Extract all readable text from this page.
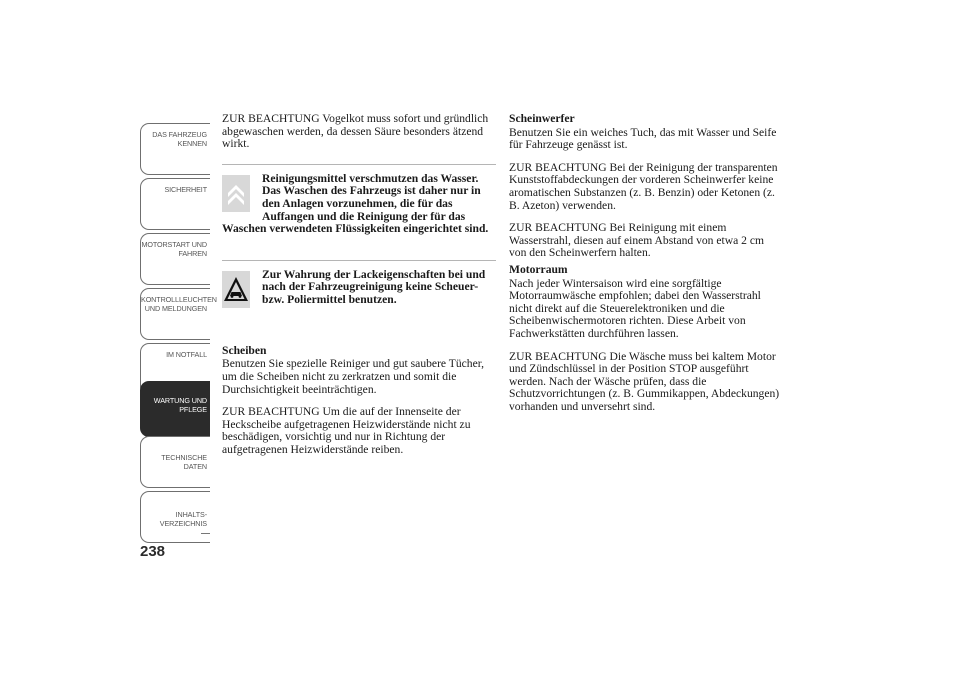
DAS FAHRZEUG
KENNEN
SICHERHEIT
MOTORSTART UND
FAHREN
KONTROLLLEUCHTEN
UND MELDUNGEN
IM NOTFALL
WARTUNG UND
PFLEGE
TECHNISCHE
DATEN
INHALTS-
VERZEICHNIS
238

ZUR BEACHTUNG Vogelkot muss sofort und gründlich abgewaschen werden, da dessen Säure besonders ätzend wirkt.

Reinigungsmittel verschmutzen das Wasser. Das Waschen des Fahrzeugs ist daher nur in den Anlagen vorzunehmen, die für das Auffangen und die Reinigung der für das Waschen verwendeten Flüssigkeiten eingerichtet sind.

Zur Wahrung der Lackeigenschaften bei und nach der Fahrzeugreinigung keine Scheuer- bzw. Poliermittel benutzen.

Scheiben

Benutzen Sie spezielle Reiniger und gut saubere Tücher, um die Scheiben nicht zu zerkratzen und somit die Durchsichtigkeit beeinträchtigen.

ZUR BEACHTUNG Um die auf der Innenseite der Heckscheibe aufgetragenen Heizwiderstände nicht zu beschädigen, vorsichtig und nur in Richtung der aufgetragenen Heizwiderstände reiben.

Scheinwerfer

Benutzen Sie ein weiches Tuch, das mit Wasser und Seife für Fahrzeuge genässt ist.

ZUR BEACHTUNG Bei der Reinigung der transparenten Kunststoffabdeckungen der vorderen Scheinwerfer keine aromatischen Substanzen (z. B. Benzin) oder Ketonen (z. B. Azeton) verwenden.

ZUR BEACHTUNG Bei Reinigung mit einem Wasserstrahl, diesen auf einem Abstand von etwa 2 cm von den Scheinwerfern halten.

Motorraum

Nach jeder Wintersaison wird eine sorgfältige Motorraumwäsche empfohlen; dabei den Wasserstrahl nicht direkt auf die Steuerelektroniken und die Scheibenwischermotoren richten. Diese Arbeit von Fachwerkstätten durchführen lassen.

ZUR BEACHTUNG Die Wäsche muss bei kaltem Motor und Zündschlüssel in der Position STOP ausgeführt werden. Nach der Wäsche prüfen, dass die Schutzvorrichtungen (z. B. Gummikappen, Abdeckungen) vorhanden und unversehrt sind.
